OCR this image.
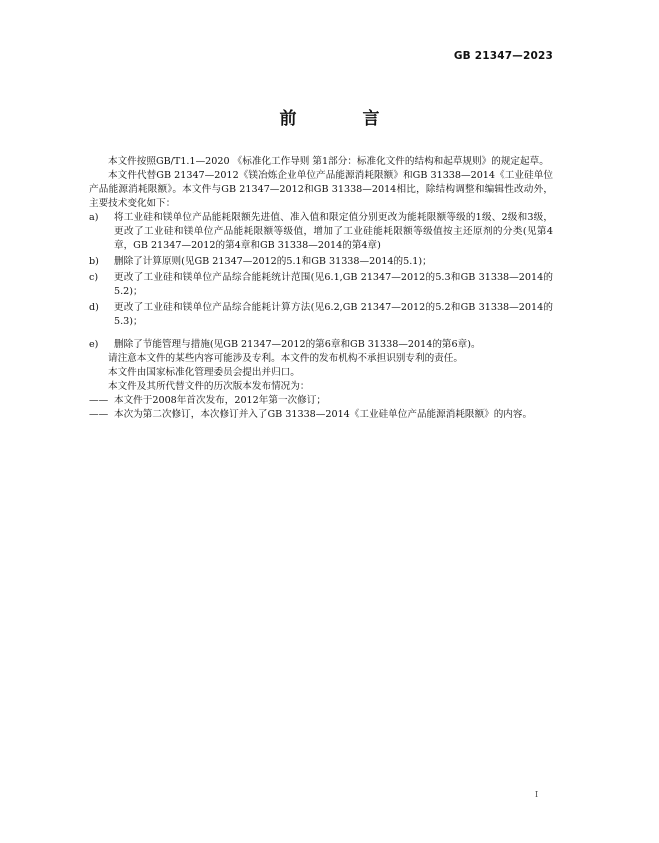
GB 21347—2023
前 言

本文件按照GB/T1.1—2020 《标准化工作导则 第1部分：标准化文件的结构和起草规则》的规定起草。

本文件代替GB 21347—2012《镁冶炼企业单位产品能源消耗限额》和GB 31338—2014《工业硅单位产品能源消耗限额》。本文件与GB 21347—2012和GB 31338—2014相比，除结构调整和编辑性改动外，主要技术变化如下：

a)	将工业硅和镁单位产品能耗限额先进值、准入值和限定值分别更改为能耗限额等级的1级、2级和3级，更改了工业硅和镁单位产品能耗限额等级值，增加了工业硅能耗限额等级值按主还原剂的分类(见第4章，GB 21347—2012的第4章和GB 31338—2014的第4章)
b)	删除了计算原则(见GB 21347—2012的5.1和GB 31338—2014的5.1)；
c)	更改了工业硅和镁单位产品综合能耗统计范围(见6.1,GB 21347—2012的5.3和GB 31338—2014的5.2)；
d)	更改了工业硅和镁单位产品综合能耗计算方法(见6.2,GB 21347—2012的5.2和GB 31338—2014的5.3)；
e)	删除了节能管理与措施(见GB 21347—2012的第6章和GB 31338—2014的第6章)。

请注意本文件的某些内容可能涉及专利。本文件的发布机构不承担识别专利的责任。

本文件由国家标准化管理委员会提出并归口。

本文件及其所代替文件的历次版本发布情况为：

—— 本文件于2008年首次发布，2012年第一次修订；
—— 本次为第二次修订，本次修订并入了GB 31338—2014《工业硅单位产品能源消耗限额》的内容。
Ⅰ
